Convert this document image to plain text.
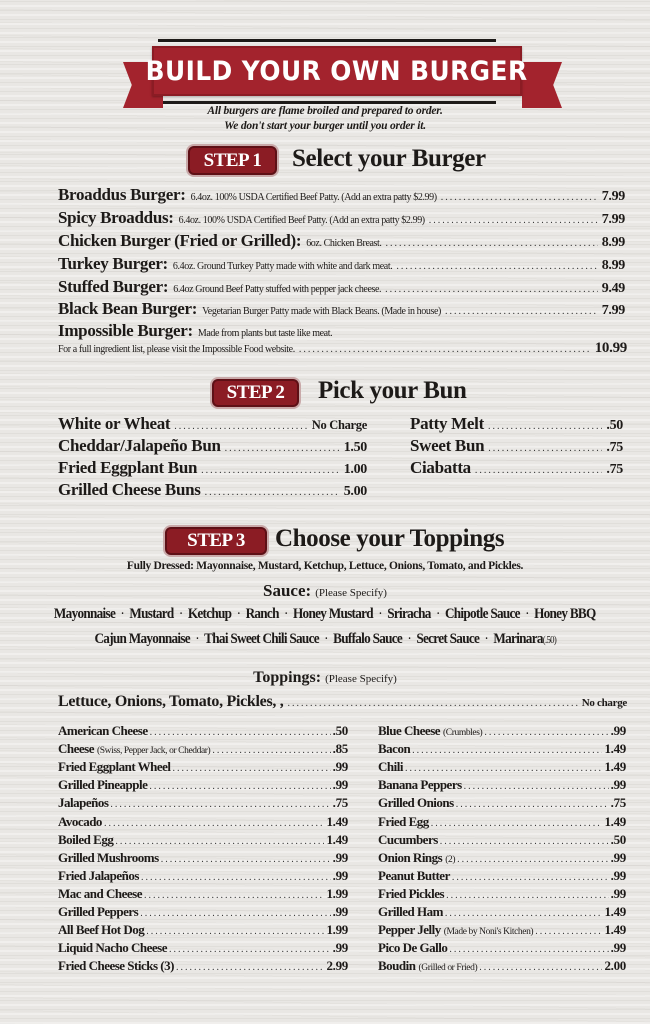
BUILD YOUR OWN BURGER
All burgers are flame broiled and prepared to order.
We don't start your burger until you order it.
STEP 1	Select your Burger
Broaddus Burger: 6.4oz. 100% USDA Certified Beef Patty. (Add an extra patty $2.99) .....	7.99
Spicy Broaddus: 6.4oz. 100% USDA Certified Beef Patty. (Add an extra patty $2.99) .....	7.99
Chicken Burger (Fried or Grilled): 6oz. Chicken Breast. .....	8.99
Turkey Burger: 6.4oz. Ground Turkey Patty made with white and dark meat. .....	8.99
Stuffed Burger: 6.4oz Ground Beef Patty stuffed with pepper jack cheese. .....	9.49
Black Bean Burger: Vegetarian Burger Patty made with Black Beans. (Made in house) .....	7.99
Impossible Burger: Made from plants but taste like meat.
For a full ingredient list, please visit the Impossible Food website. .....	10.99
STEP 2	Pick your Bun
White or Wheat .....	No Charge
Cheddar/Jalapeño Bun .....	1.50
Fried Eggplant Bun .....	1.00
Grilled Cheese Buns .....	5.00
Patty Melt .....	.50
Sweet Bun .....	.75
Ciabatta .....	.75
STEP 3	Choose your Toppings
Fully Dressed: Mayonnaise, Mustard, Ketchup, Lettuce, Onions, Tomato, and Pickles.
Sauce: (Please Specify)
Mayonnaise · Mustard · Ketchup · Ranch · Honey Mustard · Sriracha · Chipotle Sauce · Honey BBQ
Cajun Mayonnaise · Thai Sweet Chili Sauce · Buffalo Sauce · Secret Sauce · Marinara(.50)
Toppings: (Please Specify)
Lettuce, Onions, Tomato, Pickles, , .....	No charge
American Cheese .....	.50
Cheese (Swiss, Pepper Jack, or Cheddar) .....	.85
Fried Eggplant Wheel .....	.99
Grilled Pineapple .....	.99
Jalapeños .....	.75
Avocado .....	1.49
Boiled Egg .....	1.49
Grilled Mushrooms .....	.99
Fried Jalapeños .....	.99
Mac and Cheese .....	1.99
Grilled Peppers .....	.99
All Beef Hot Dog .....	1.99
Liquid Nacho Cheese .....	.99
Fried Cheese Sticks (3) .....	2.99
Blue Cheese (Crumbles) .....	.99
Bacon .....	1.49
Chili .....	1.49
Banana Peppers .....	.99
Grilled Onions .....	.75
Fried Egg .....	1.49
Cucumbers .....	.50
Onion Rings (2) .....	.99
Peanut Butter .....	.99
Fried Pickles .....	.99
Grilled Ham .....	1.49
Pepper Jelly (Made by Noni's Kitchen) .....	1.49
Pico De Gallo .....	.99
Boudin (Grilled or Fried) .....	2.00
